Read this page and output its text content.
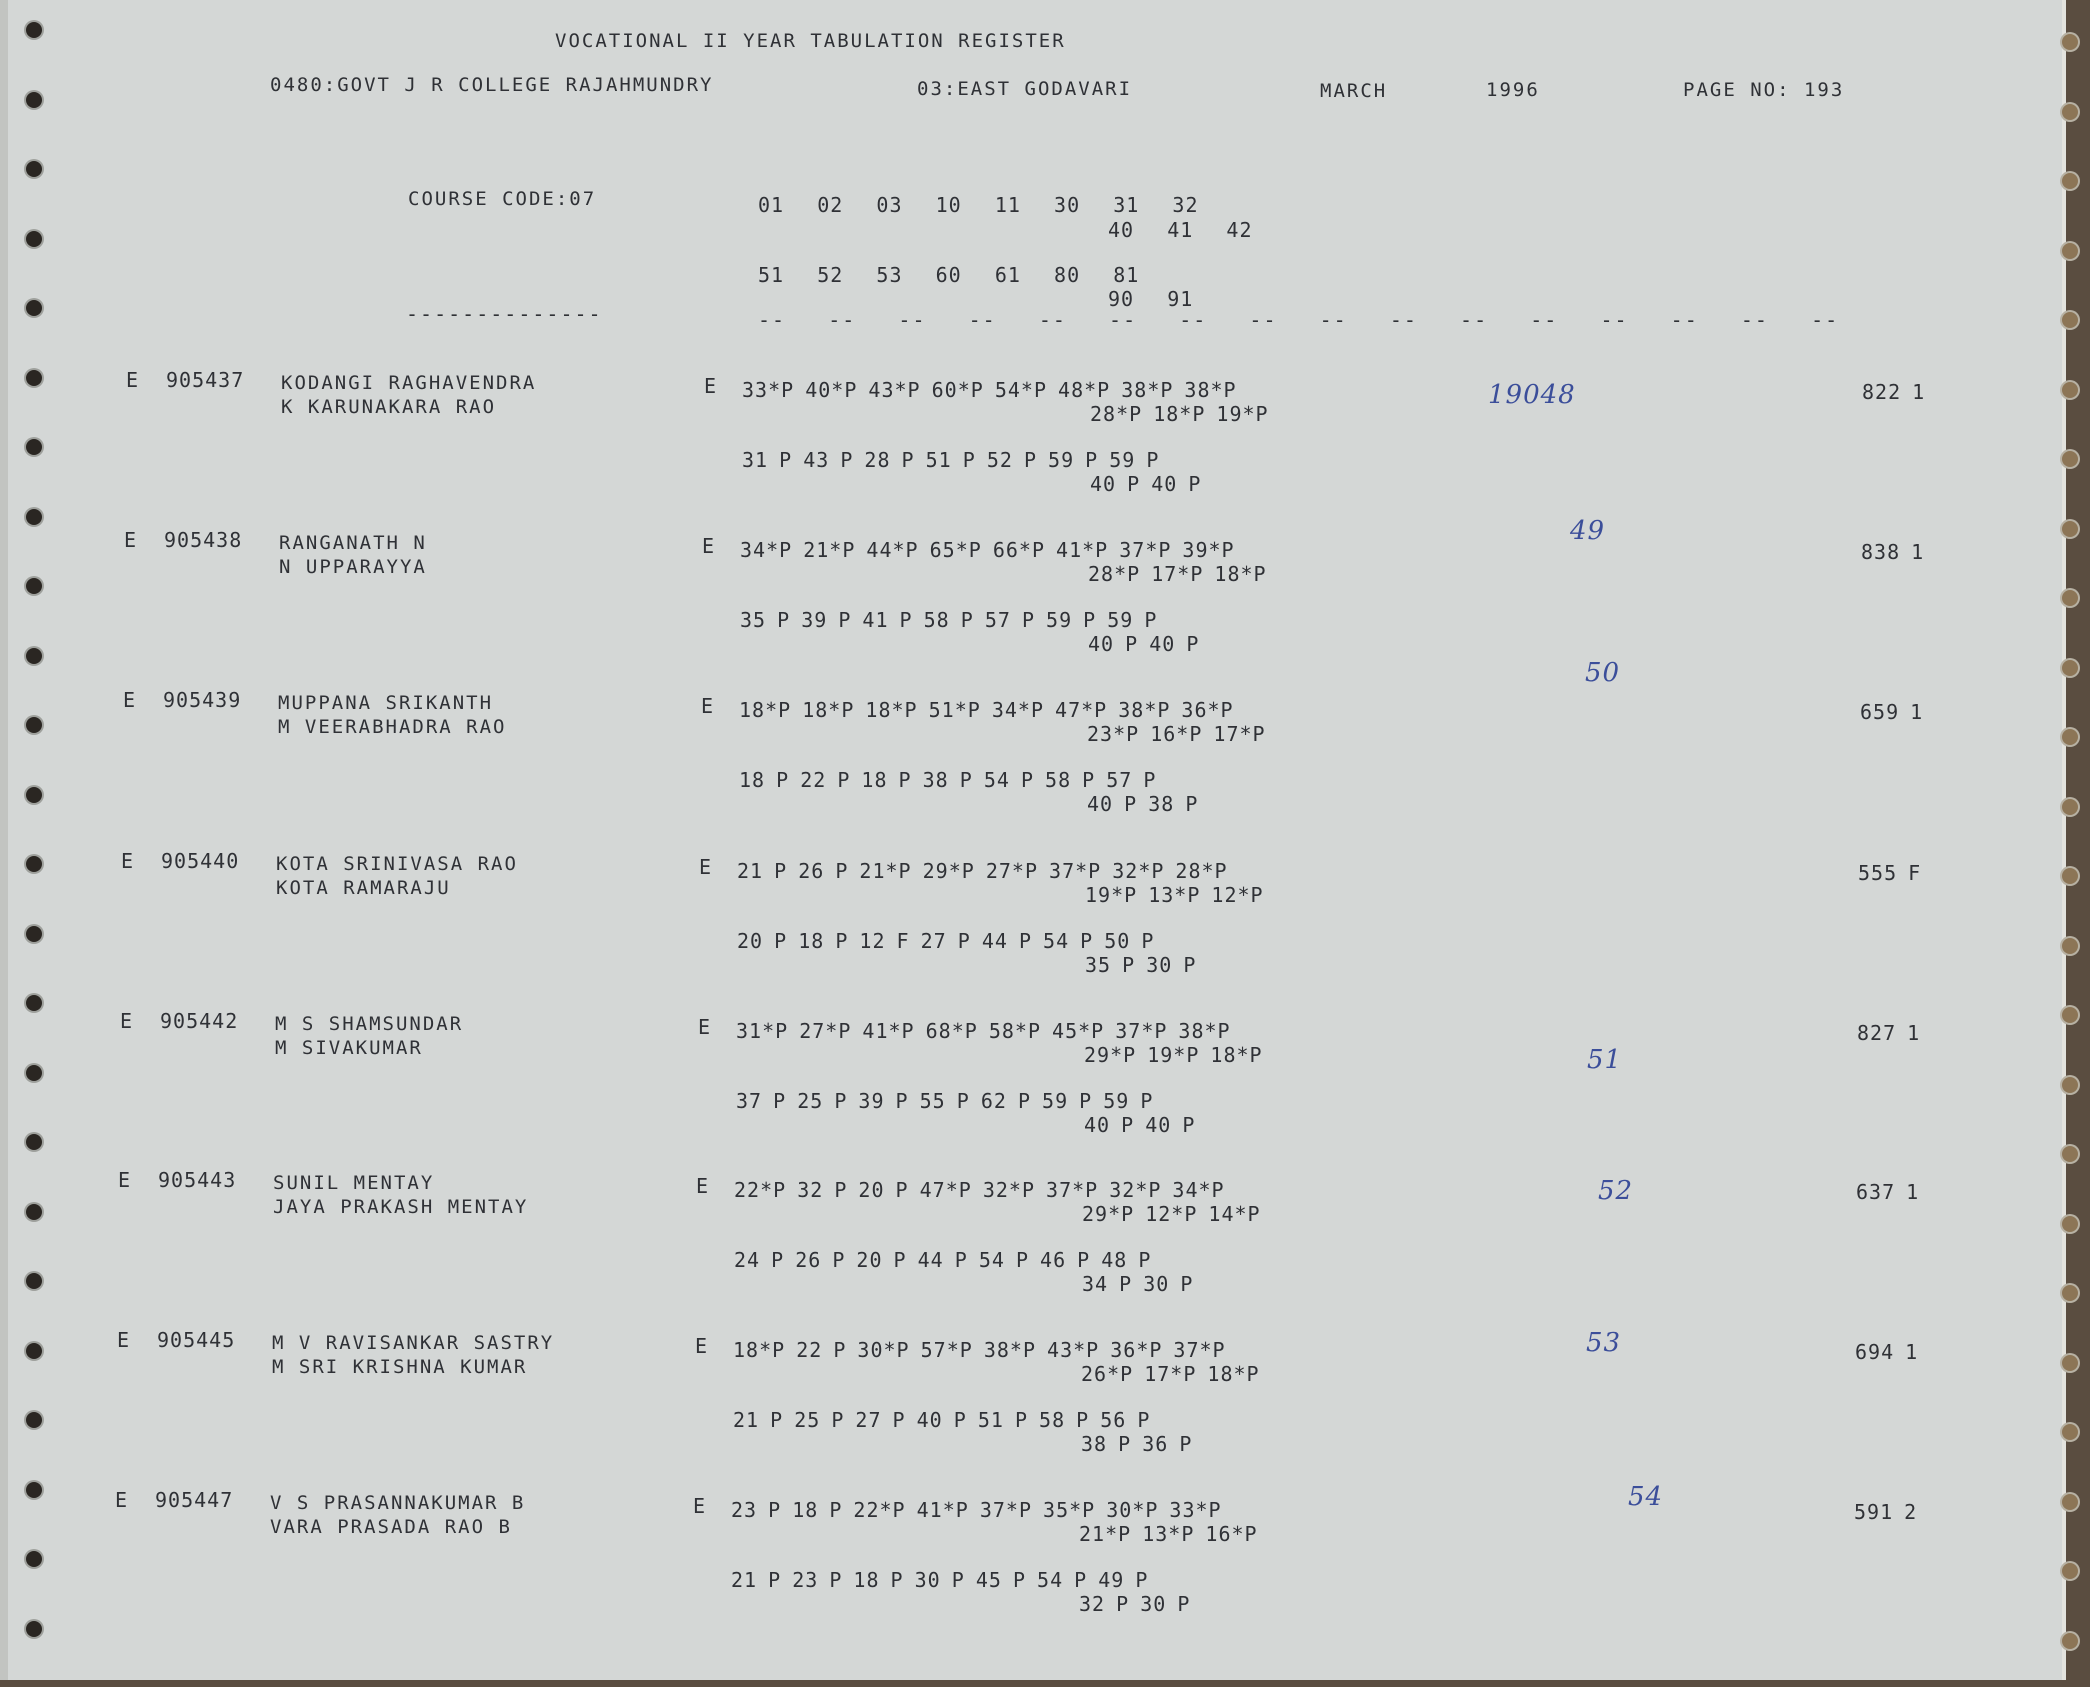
VOCATIONAL II YEAR TABULATION REGISTER
0480:GOVT J R COLLEGE RAJAHMUNDRY	03:EAST GODAVARI	MARCH	1996	PAGE NO: 193
COURSE CODE:07	01   02   03   10   11   30   31   32
40   41   42
51   52   53   60   61   80   81
90   91
--------------	--   --   --   --   --   --   --   --   --   --   --   --   --   --   --   --
E 905437 KODANGI RAGHAVENDRA
K KARUNAKARA RAO
E 33*P 40*P 43*P 60*P 54*P 48*P 38*P 38*P
28*P 18*P 19*P
31 P 43 P 28 P 51 P 52 P 59 P 59 P
40 P 40 P
822 1
19048
E 905438 RANGANATH N
N UPPARAYYA
E 34*P 21*P 44*P 65*P 66*P 41*P 37*P 39*P
28*P 17*P 18*P
35 P 39 P 41 P 58 P 57 P 59 P 59 P
40 P 40 P
838 1
49
E 905439 MUPPANA SRIKANTH
M VEERABHADRA RAO
E 18*P 18*P 18*P 51*P 34*P 47*P 38*P 36*P
23*P 16*P 17*P
18 P 22 P 18 P 38 P 54 P 58 P 57 P
40 P 38 P
659 1
50
E 905440 KOTA SRINIVASA RAO
KOTA RAMARAJU
E 21 P 26 P 21*P 29*P 27*P 37*P 32*P 28*P
19*P 13*P 12*P
20 P 18 P 12 F 27 P 44 P 54 P 50 P
35 P 30 P
555 F
E 905442 M S SHAMSUNDAR
M SIVAKUMAR
E 31*P 27*P 41*P 68*P 58*P 45*P 37*P 38*P
29*P 19*P 18*P
37 P 25 P 39 P 55 P 62 P 59 P 59 P
40 P 40 P
827 1
51
E 905443 SUNIL MENTAY
JAYA PRAKASH MENTAY
E 22*P 32 P 20 P 47*P 32*P 37*P 32*P 34*P
29*P 12*P 14*P
24 P 26 P 20 P 44 P 54 P 46 P 48 P
34 P 30 P
637 1
52
E 905445 M V RAVISANKAR SASTRY
M SRI KRISHNA KUMAR
E 18*P 22 P 30*P 57*P 38*P 43*P 36*P 37*P
26*P 17*P 18*P
21 P 25 P 27 P 40 P 51 P 58 P 56 P
38 P 36 P
694 1
53
E 905447 V S PRASANNAKUMAR B
VARA PRASADA RAO B
E 23 P 18 P 22*P 41*P 37*P 35*P 30*P 33*P
21*P 13*P 16*P
21 P 23 P 18 P 30 P 45 P 54 P 49 P
32 P 30 P
591 2
54
